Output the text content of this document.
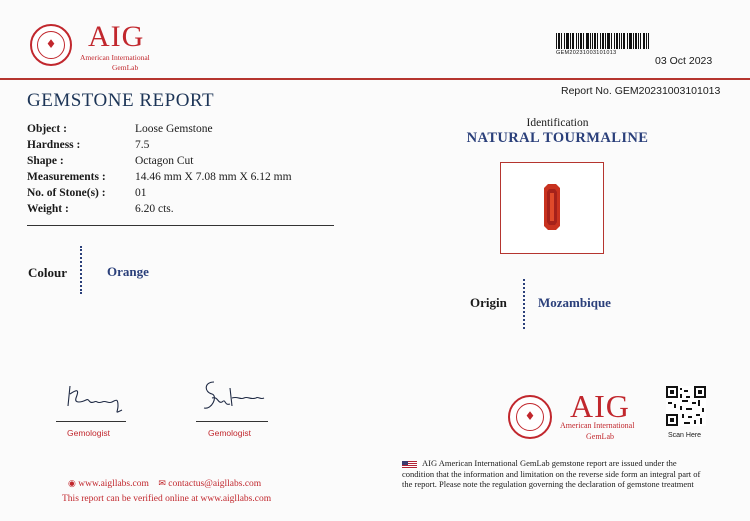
♦	AIG
American International
GemLab
GEM20231003101013
03 Oct 2023
GEMSTONE REPORT
Object :	Loose Gemstone
Hardness :	7.5
Shape :	Octagon Cut
Measurements :	14.46 mm X 7.08 mm X 6.12 mm
No. of Stone(s) :	01
Weight :	6.20 cts.
Colour	Orange
Gemologist	Gemologist
◉ www.aigllabs.com ✉ contactus@aigllabs.com
This report can be verified online at www.aigllabs.com
Report No. GEM20231003101013
Identification
NATURAL TOURMALINE
Origin Mozambique
♦	AIG
American International
GemLab	Scan Here
AIG American International GemLab gemstone report are issued under the condition that the information and limitation on the reverse side form an integral part of the report. Please note the regulation governing the declaration of gemstone treatment
